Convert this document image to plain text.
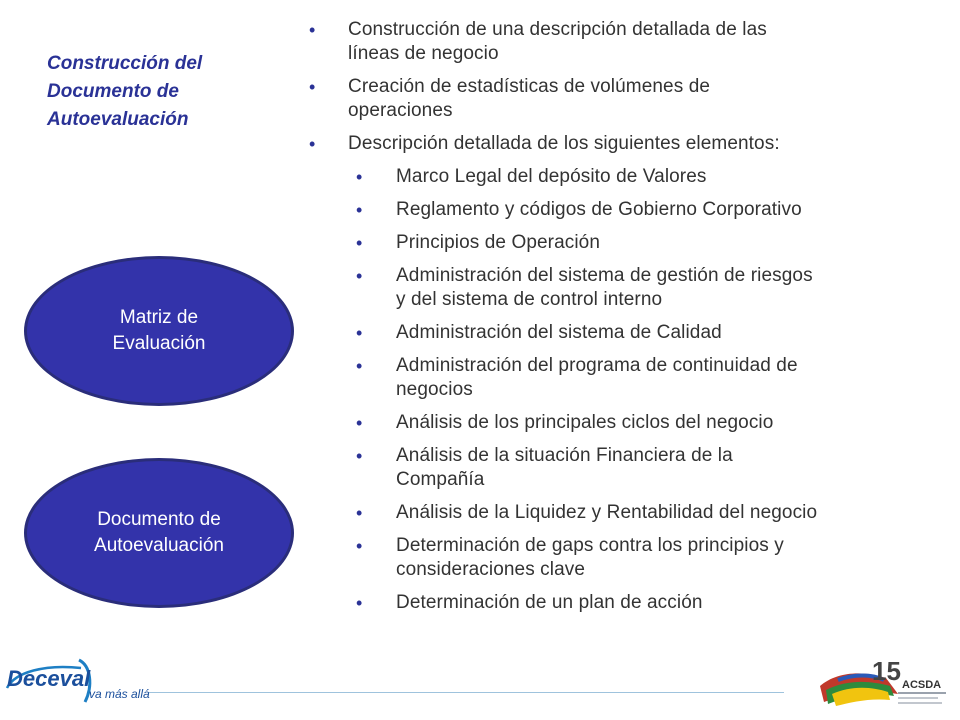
Construcción del
Documento de
Autoevaluación
Matriz de
Evaluación
Documento de
Autoevaluación
• Construcción de una descripción detallada de las
líneas de negocio
• Creación de estadísticas de volúmenes de
operaciones
• Descripción detallada de los siguientes elementos:
• Marco Legal del depósito de Valores
• Reglamento y códigos de Gobierno Corporativo
• Principios de Operación
• Administración del sistema de gestión de riesgos
y del sistema de control interno
• Administración del sistema de Calidad
• Administración del programa de continuidad de
negocios
• Análisis de los principales ciclos del negocio
• Análisis de la situación Financiera de la
Compañía
• Análisis de la Liquidez y Rentabilidad del negocio
• Determinación de gaps contra los principios y
consideraciones clave
• Determinación de un plan de acción
Deceval
va más allá
15 ACSDA
